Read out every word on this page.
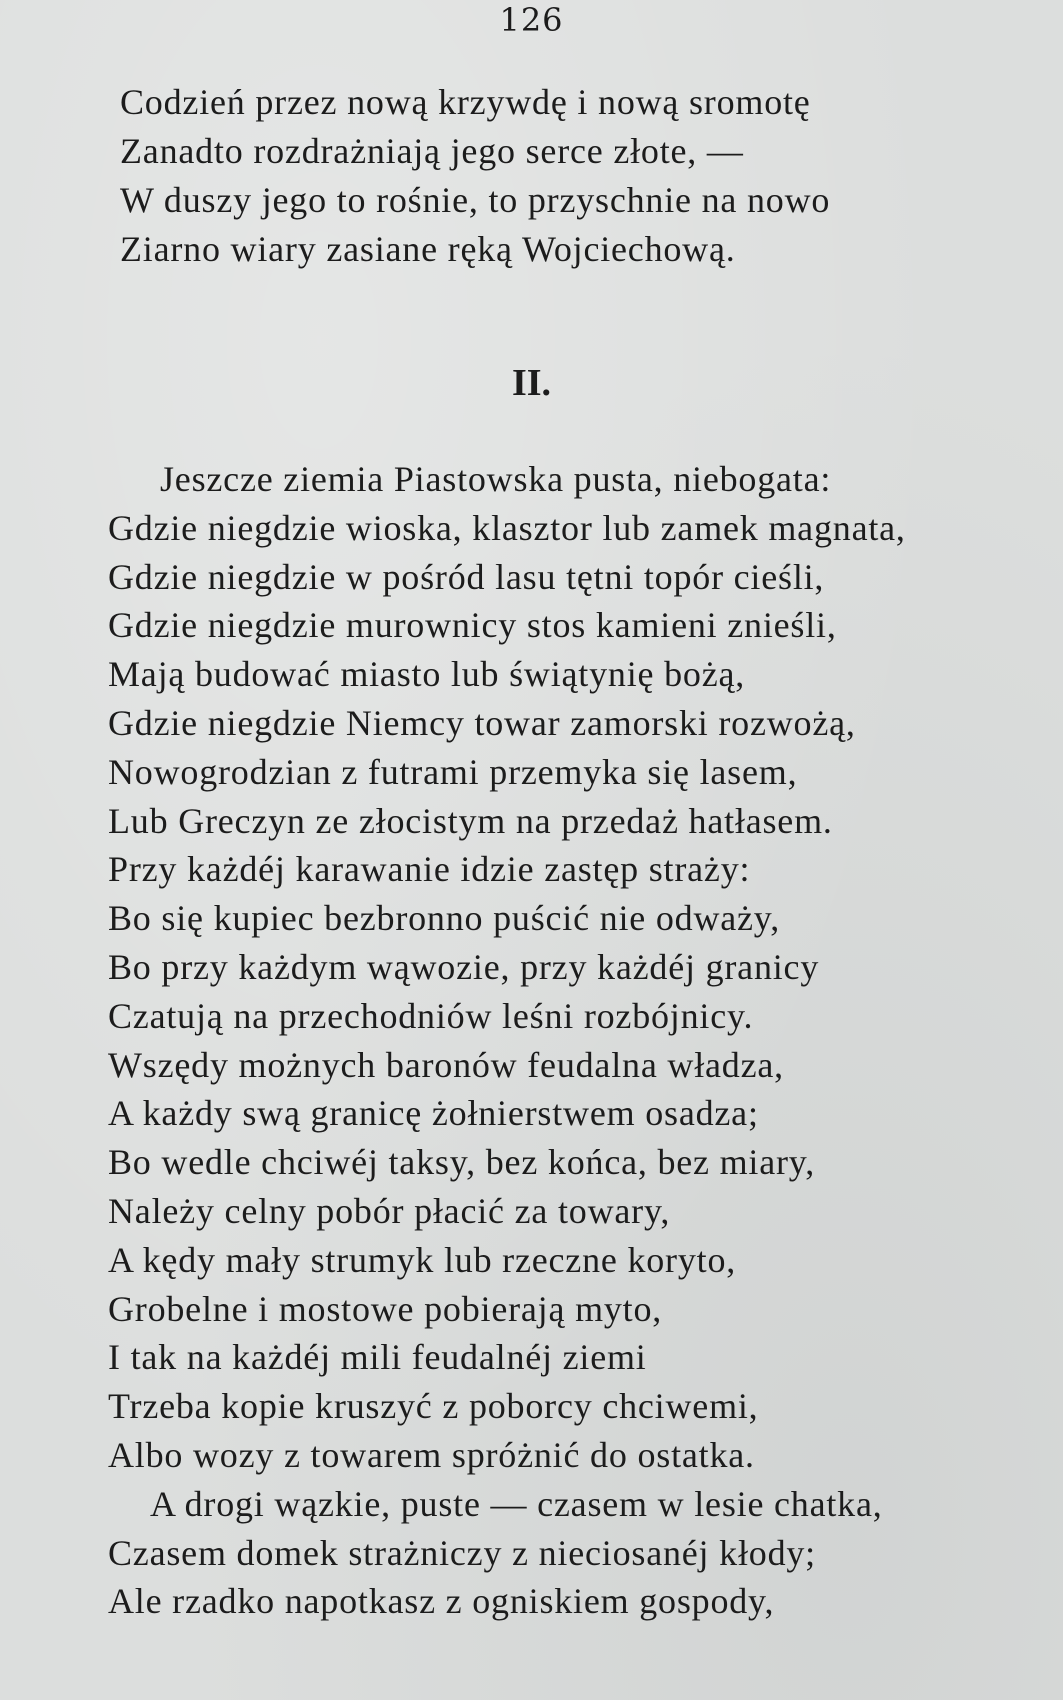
126
Codzień przez nową krzywdę i nową sromotę
Zanadto rozdrażniają jego serce złote, —
W duszy jego to rośnie, to przyschnie na nowo
Ziarno wiary zasiane ręką Wojciechową.
II.
Jeszcze ziemia Piastowska pusta, niebogata:
Gdzie niegdzie wioska, klasztor lub zamek magnata,
Gdzie niegdzie w pośród lasu tętni topór cieśli,
Gdzie niegdzie murownicy stos kamieni znieśli,
Mają budować miasto lub świątynię bożą,
Gdzie niegdzie Niemcy towar zamorski rozwożą,
Nowogrodzian z futrami przemyka się lasem,
Lub Greczyn ze złocistym na przedaż hatłasem.
Przy każdéj karawanie idzie zastęp straży:
Bo się kupiec bezbronno puścić nie odważy,
Bo przy każdym wąwozie, przy każdéj granicy
Czatują na przechodniów leśni rozbójnicy.
Wszędy możnych baronów feudalna władza,
A każdy swą granicę żołnierstwem osadza;
Bo wedle chciwéj taksy, bez końca, bez miary,
Należy celny pobór płacić za towary,
A kędy mały strumyk lub rzeczne koryto,
Grobelne i mostowe pobierają myto,
I tak na każdéj mili feudalnéj ziemi
Trzeba kopie kruszyć z poborcy chciwemi,
Albo wozy z towarem spróżnić do ostatka.
A drogi wązkie, puste — czasem w lesie chatka,
Czasem domek strażniczy z nieciosanéj kłody;
Ale rzadko napotkasz z ogniskiem gospody,
